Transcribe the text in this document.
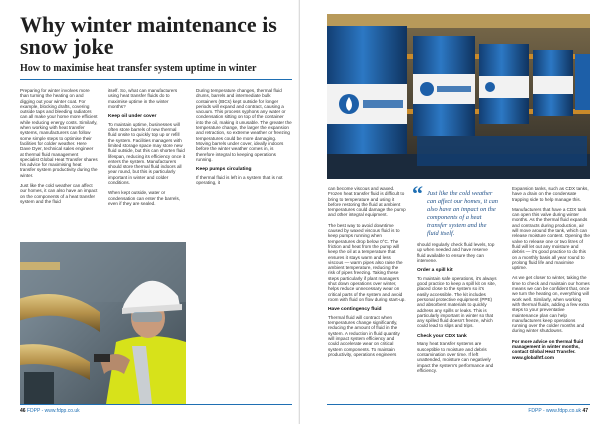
Why winter maintenance is snow joke
How to maximise heat transfer system uptime in winter

Preparing for winter involves more than turning the heating on and digging out your winter coat. For example, blocking drafts, covering outside taps and bleeding radiators can all make your home more efficient while reducing energy costs. Similarly, when working with heat transfer systems, manufacturers can follow some simple steps to optimise their facilities for colder weather. Here Dave Dyer, technical sales engineer at thermal fluid management specialist Global Heat Transfer shares his advice for maximising heat transfer system productivity during the winter.

Just like the cold weather can affect our homes, it can also have an impact on the components of a heat transfer system and the fluid

itself. So, what can manufacturers using heat transfer fluids do to maximise uptime in the winter months?

Keep oil under cover

To maintain uptime, businesses will often store barrels of new thermal fluid onsite to quickly top up or refill the system. Facilities managers with limited storage space may store new fluid outside, but this can shorten fluid lifespan, reducing its efficiency once it enters the system. Manufacturers should store thermal fluid indoors all year round, but this is particularly important in winter and colder conditions.

When kept outside, water or condensation can enter the barrels, even if they are sealed.

During temperature changes, thermal fluid drums, barrels and intermediate bulk containers (IBCs) kept outside for longer periods will expand and contract, causing a vacuum. This process syphons any water or condensation sitting on top of the container into the oil, making it unusable. The greater the temperature change, the larger the expansion and retraction, so extreme weather or freezing temperatures could be more damaging. Moving barrels under cover, ideally indoors before the winter weather comes in, is therefore integral to keeping operations running.

Keep pumps circulating

If thermal fluid is left in a system that is not operating, it

46 FDPP - www.fdpp.co.uk

can become viscous and waxed. Frozen heat transfer fluid is difficult to bring to temperature and using it before restoring the fluid at ambient temperatures could damage the pump and other integral equipment.

The best way to avoid downtime caused by waxed viscous fluid is to keep pumps running when temperatures drop below 0°C. The friction and heat from the pump will keep the oil at a temperature that ensures it stays warm and less viscous — warm pipes also raise the ambient temperature, reducing the risk of pipes freezing. Taking these steps particularly if plant managers shut down operations over winter, helps reduce unnecessary wear on critical parts of the system and avoid room with fluid on flow during start-up.

Have contingency fluid

Thermal fluid will contract when temperatures change significantly, reducing the amount of fluid in the system. A reduction in fluid quantity will impact system efficiency and could accelerate wear on critical system components. To maintain productivity, operations engineers

“ Just like the cold weather can affect our homes, it can also have an impact on the components of a heat transfer system and the fluid itself.

should regularly check fluid levels, top up when needed and have reserve fluid available to ensure they can intervene.

Order a spill kit

To maintain safe operations, it's always good practice to keep a spill kit on site, placed close to the system so it's easily accessible. The kit includes personal protective equipment (PPE) and absorbent materials to quickly address any spills or leaks. This is particularly important in winter so that any spilled fluid doesn't freeze, which could lead to slips and trips.

Check your CDX tank

Many heat transfer systems are susceptible to moisture and debris contamination over time. If left unattended, moisture can negatively impact the system's performance and efficiency.

Expansion tanks, such as CDX tanks, have a drain on the condensate trapping side to help manage this.

Manufacturers that have a CDX tank can open this valve during winter months. As the thermal fluid expands and contracts during production, air will move around the tank, which can release moisture content. Opening the valve to release one or two litres of fluid will let out any moisture and debris — it's good practice to do this on a monthly basis all year round to prolong fluid life and maximise uptime.

As we get closer to winter, taking the time to check and maintain our homes means we can be confident that, once we turn the heating on, everything will work well. Similarly, when working with thermal fluids, adding a few extra steps to your preventative maintenance plan can help manufacturers keep operations running over the colder months and during winter shutdowns.

For more advice on thermal fluid management in winter months, contact Global Heat Transfer. www.globalhtf.com

FDPP - www.fdpp.co.uk 47
